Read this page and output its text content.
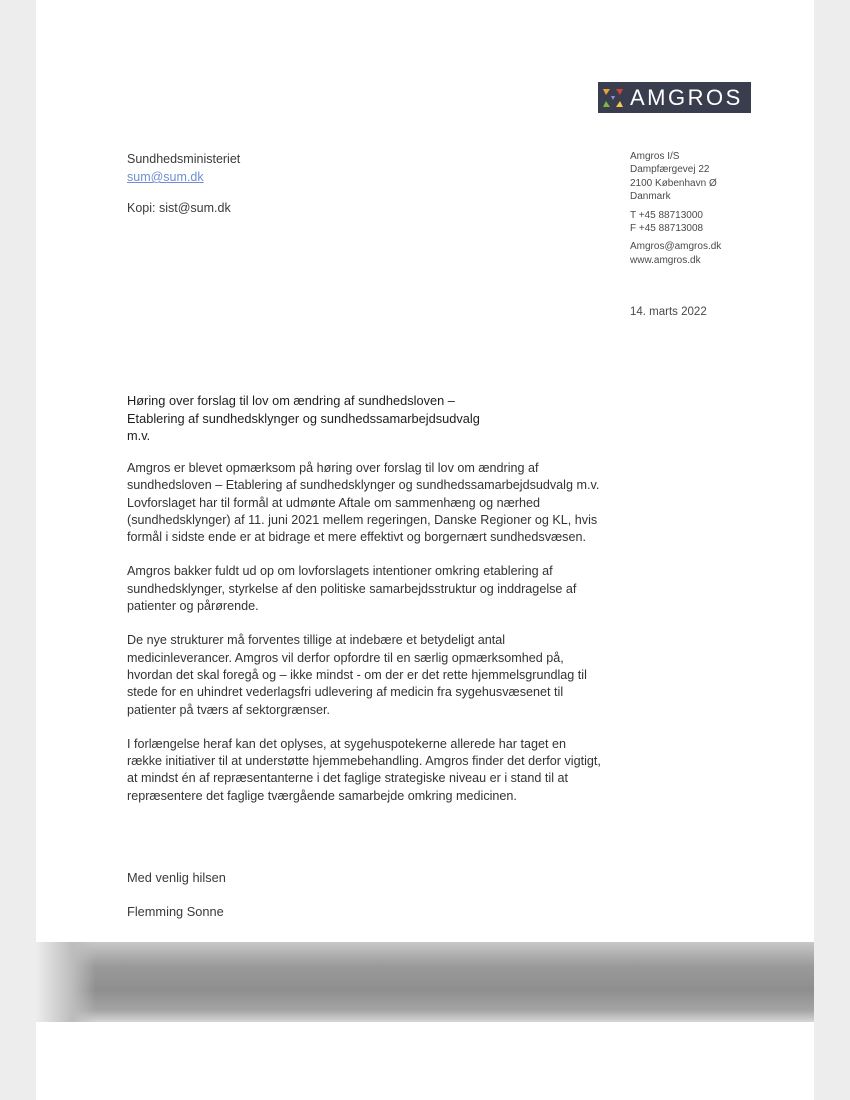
AMGROS
Sundhedsministeriet
sum@sum.dk
Kopi: sist@sum.dk
Amgros I/S
Dampfærgevej 22
2100 København Ø
Danmark
T +45 88713000
F +45 88713008
Amgros@amgros.dk
www.amgros.dk
14. marts 2022
Høring over forslag til lov om ændring af sundhedsloven –
Etablering af sundhedsklynger og sundhedssamarbejdsudvalg
m.v.

Amgros er blevet opmærksom på høring over forslag til lov om ændring af sundhedsloven – Etablering af sundhedsklynger og sundhedssamarbejdsudvalg m.v. Lovforslaget har til formål at udmønte Aftale om sammenhæng og nærhed (sundhedsklynger) af 11. juni 2021 mellem regeringen, Danske Regioner og KL, hvis formål i sidste ende er at bidrage et mere effektivt og borgernært sundhedsvæsen.

Amgros bakker fuldt ud op om lovforslagets intentioner omkring etablering af sundhedsklynger, styrkelse af den politiske samarbejdsstruktur og inddragelse af patienter og pårørende.

De nye strukturer må forventes tillige at indebære et betydeligt antal medicinleverancer. Amgros vil derfor opfordre til en særlig opmærksomhed på, hvordan det skal foregå og – ikke mindst - om der er det rette hjemmelsgrundlag til stede for en uhindret vederlagsfri udlevering af medicin fra sygehusvæsenet til patienter på tværs af sektorgrænser.

I forlængelse heraf kan det oplyses, at sygehuspotekerne allerede har taget en række initiativer til at understøtte hjemmebehandling. Amgros finder det derfor vigtigt, at mindst én af repræsentanterne i det faglige strategiske niveau er i stand til at repræsentere det faglige tværgående samarbejde omkring medicinen.

Med venlig hilsen
Flemming Sonne
